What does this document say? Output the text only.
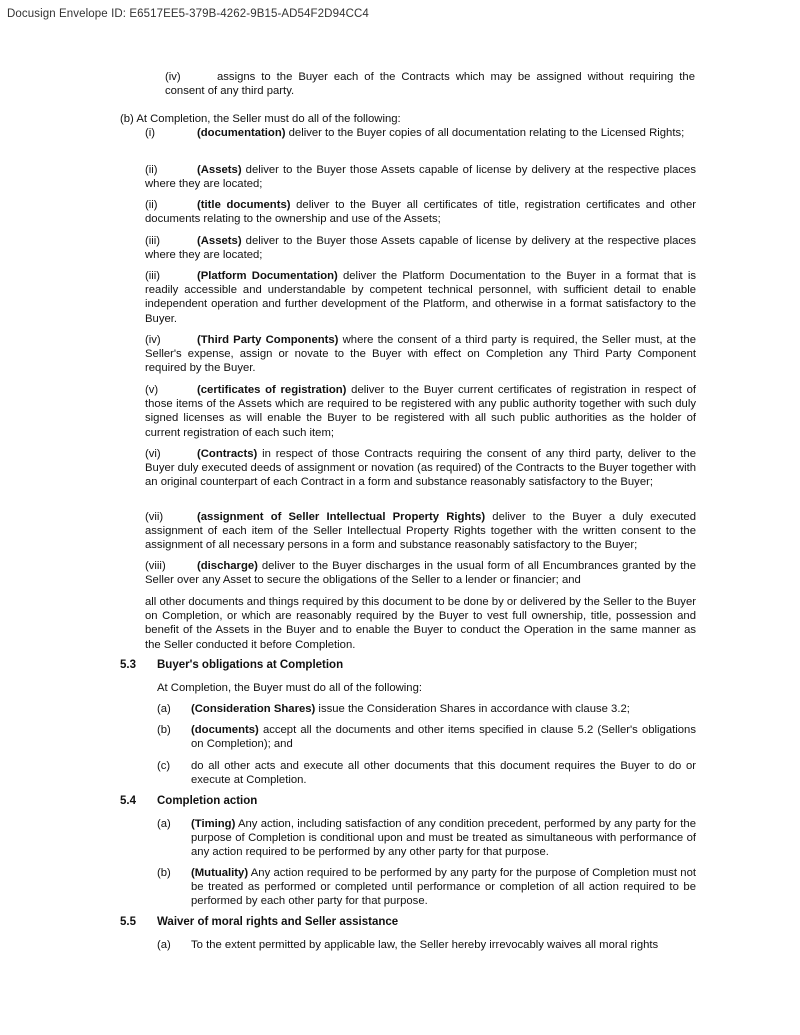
Docusign Envelope ID: E6517EE5-379B-4262-9B15-AD54F2D94CC4

(iv)	assigns to the Buyer each of the Contracts which may be assigned without requiring the consent of any third party.

(b) At Completion, the Seller must do all of the following:

(i)	(documentation) deliver to the Buyer copies of all documentation relating to the Licensed Rights;

(ii)	(Assets) deliver to the Buyer those Assets capable of license by delivery at the respective places where they are located;

(ii)	(title documents) deliver to the Buyer all certificates of title, registration certificates and other documents relating to the ownership and use of the Assets;

(iii)	(Assets) deliver to the Buyer those Assets capable of license by delivery at the respective places where they are located;

(iii)	(Platform Documentation) deliver the Platform Documentation to the Buyer in a format that is readily accessible and understandable by competent technical personnel, with sufficient detail to enable independent operation and further development of the Platform, and otherwise in a format satisfactory to the Buyer.

(iv)	(Third Party Components) where the consent of a third party is required, the Seller must, at the Seller's expense, assign or novate to the Buyer with effect on Completion any Third Party Component required by the Buyer.

(v)	(certificates of registration) deliver to the Buyer current certificates of registration in respect of those items of the Assets which are required to be registered with any public authority together with such duly signed licenses as will enable the Buyer to be registered with all such public authorities as the holder of current registration of each such item;

(vi)	(Contracts) in respect of those Contracts requiring the consent of any third party, deliver to the Buyer duly executed deeds of assignment or novation (as required) of the Contracts to the Buyer together with an original counterpart of each Contract in a form and substance reasonably satisfactory to the Buyer;

(vii)	(assignment of Seller Intellectual Property Rights) deliver to the Buyer a duly executed assignment of each item of the Seller Intellectual Property Rights together with the written consent to the assignment of all necessary persons in a form and substance reasonably satisfactory to the Buyer;

(viii)	(discharge) deliver to the Buyer discharges in the usual form of all Encumbrances granted by the Seller over any Asset to secure the obligations of the Seller to a lender or financier; and

all other documents and things required by this document to be done by or delivered by the Seller to the Buyer on Completion, or which are reasonably required by the Buyer to vest full ownership, title, possession and benefit of the Assets in the Buyer and to enable the Buyer to conduct the Operation in the same manner as the Seller conducted it before Completion.

5.3	Buyer's obligations at Completion

At Completion, the Buyer must do all of the following:

(a)	(Consideration Shares) issue the Consideration Shares in accordance with clause 3.2;

(b)	(documents) accept all the documents and other items specified in clause 5.2 (Seller's obligations on Completion); and

(c)	do all other acts and execute all other documents that this document requires the Buyer to do or execute at Completion.

5.4	Completion action
(a)	(Timing) Any action, including satisfaction of any condition precedent, performed by any party for the purpose of Completion is conditional upon and must be treated as simultaneous with performance of any action required to be performed by any other party for that purpose.

(b)	(Mutuality) Any action required to be performed by any party for the purpose of Completion must not be treated as performed or completed until performance or completion of all action required to be performed by each other party for that purpose.

5.5	Waiver of moral rights and Seller assistance
(a)	To the extent permitted by applicable law, the Seller hereby irrevocably waives all moral rights
